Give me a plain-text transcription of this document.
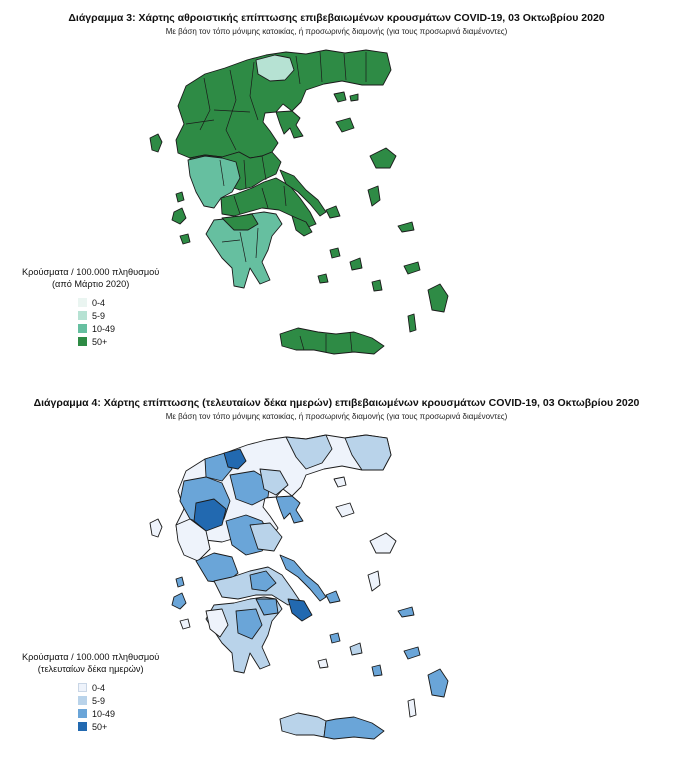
Διάγραμμα 3: Χάρτης αθροιστικής επίπτωσης επιβεβαιωμένων κρουσμάτων COVID-19, 03 Οκτωβρίου 2020
Με βάση τον τόπο μόνιμης κατοικίας, ή προσωρινής διαμονής (για τους προσωρινά διαμένοντες)
Κρούσματα / 100.000 πληθυσμού
(από Μάρτιο 2020)
0-4
5-9
10-49
50+
Διάγραμμα 4: Χάρτης επίπτωσης (τελευταίων δέκα ημερών) επιβεβαιωμένων κρουσμάτων COVID-19, 03 Οκτωβρίου 2020
Με βάση τον τόπο μόνιμης κατοικίας, ή προσωρινής διαμονής (για τους προσωρινά διαμένοντες)
Κρούσματα / 100.000 πληθυσμού
(τελευταίων δέκα ημερών)
0-4
5-9
10-49
50+
